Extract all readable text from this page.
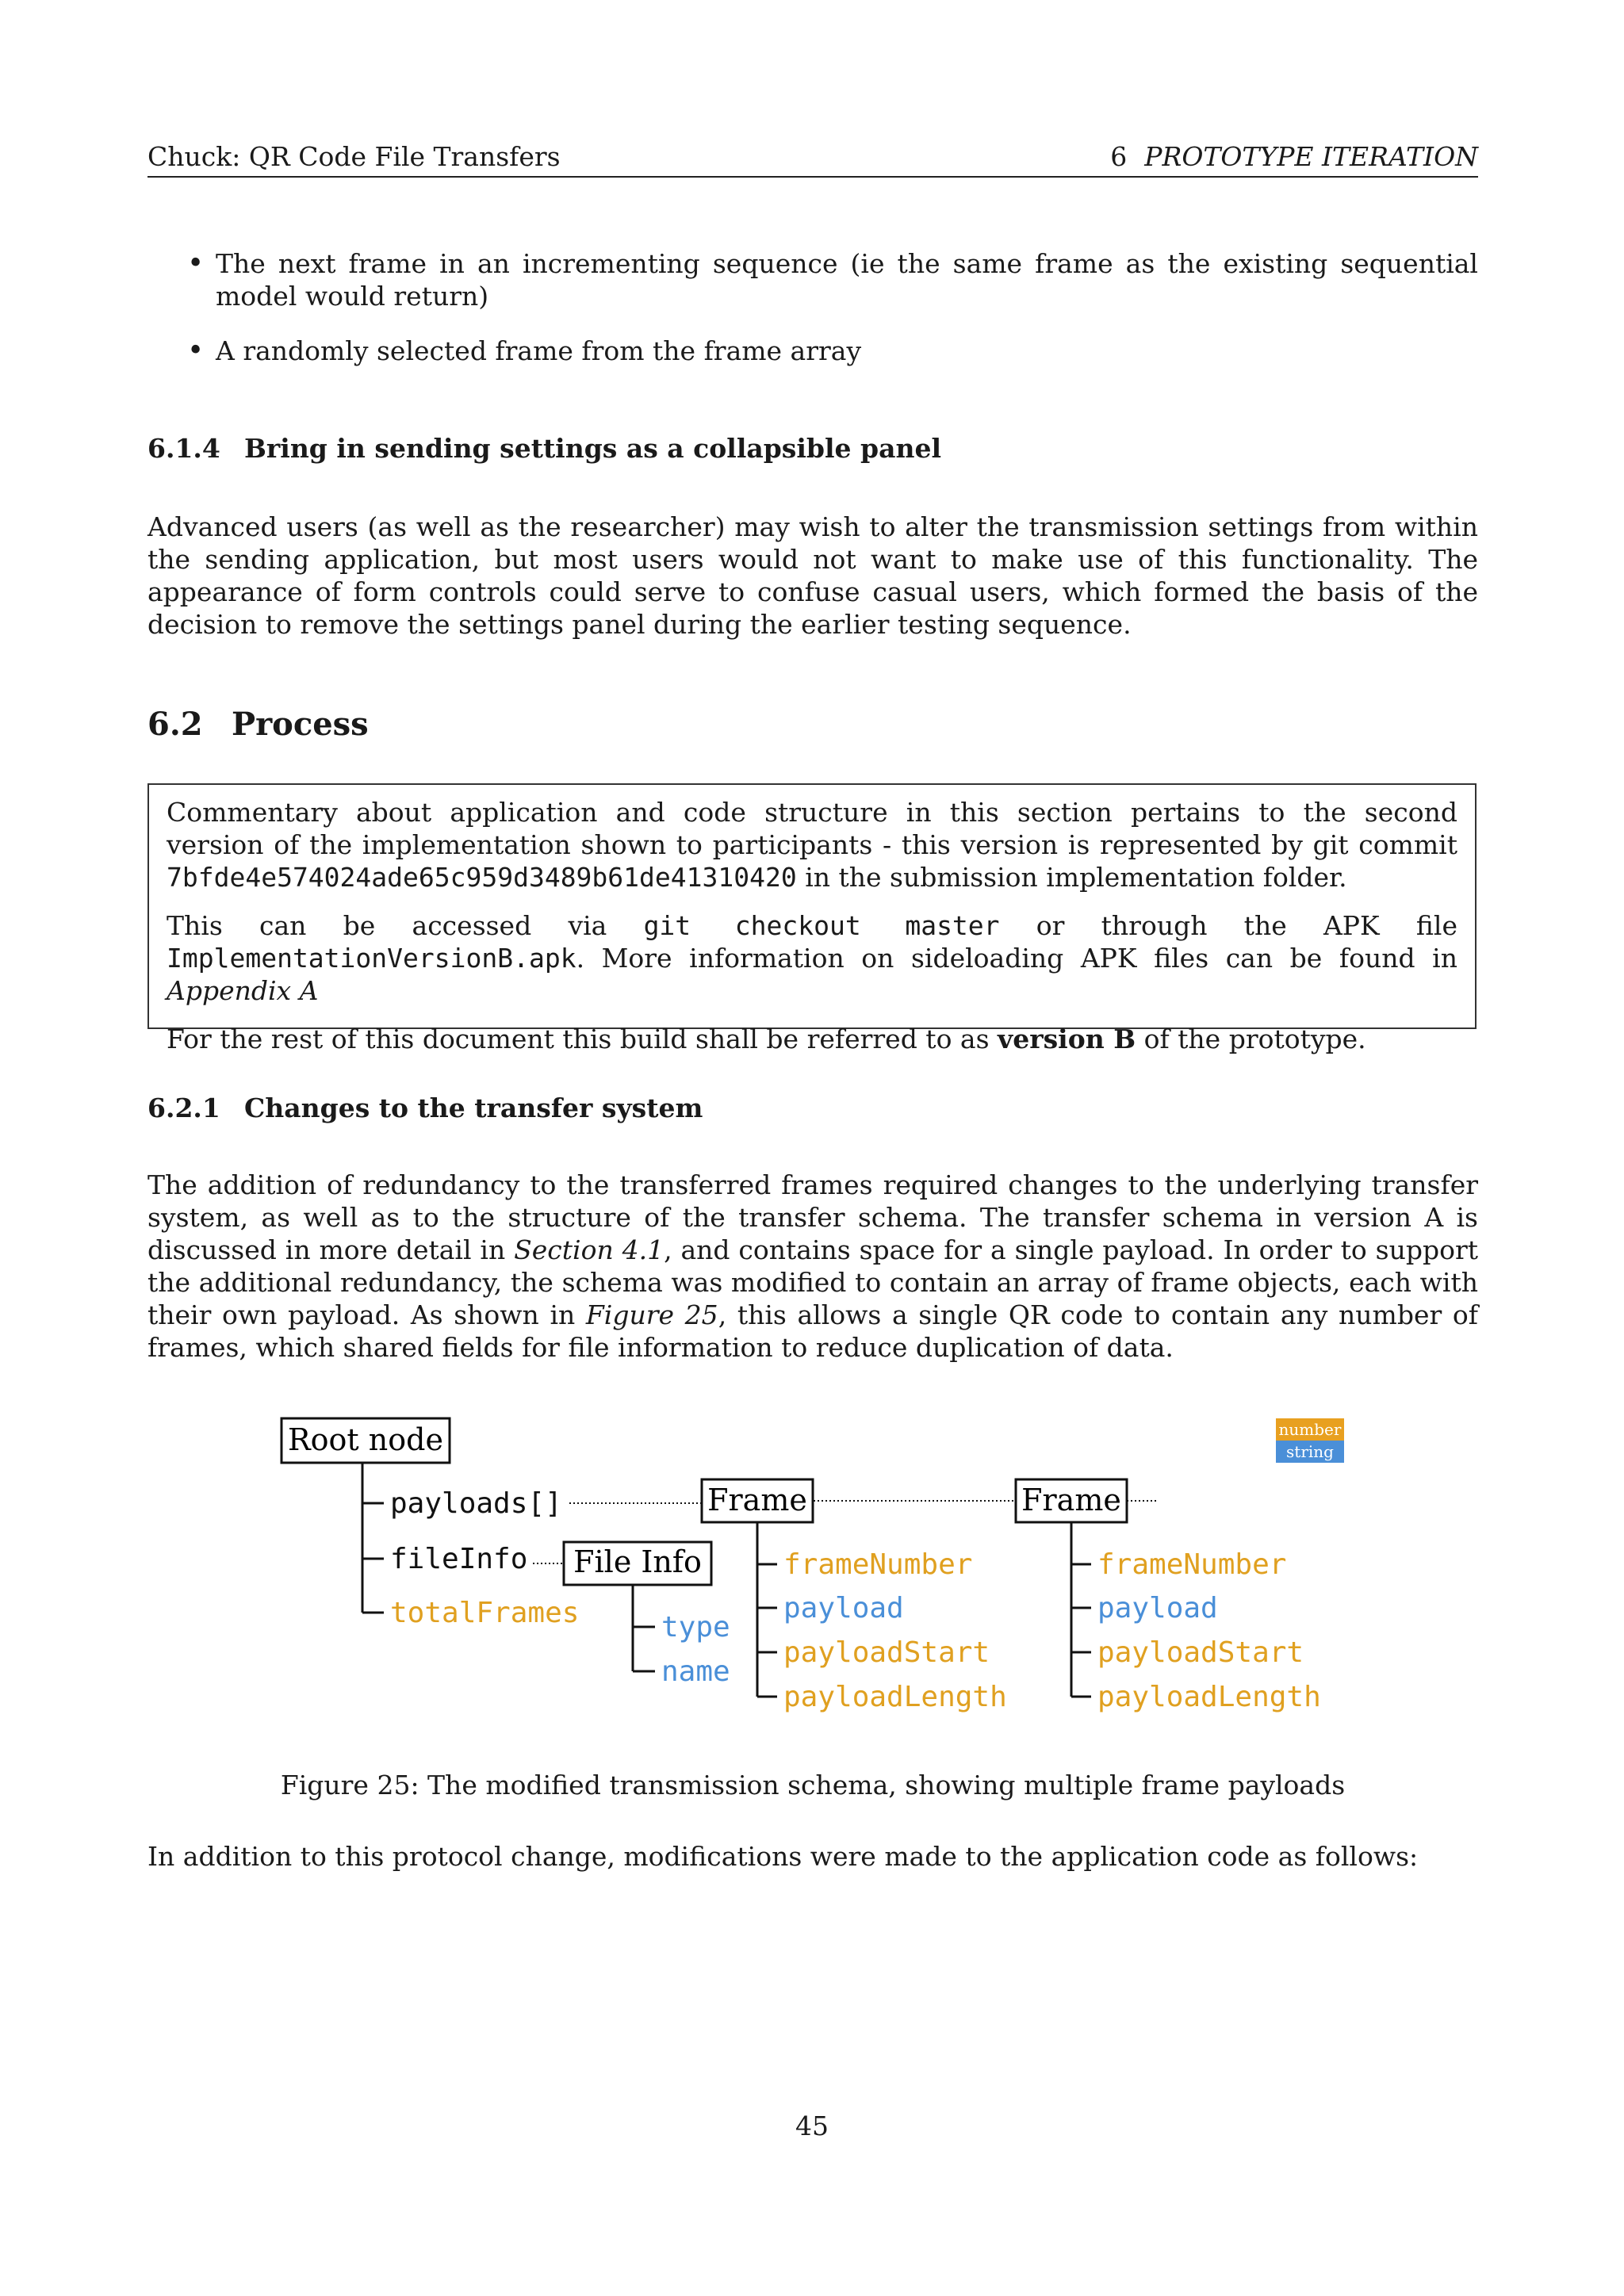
Chuck: QR Code File Transfers	6 PROTOTYPE ITERATION
• The next frame in an incrementing sequence (ie the same frame as the existing sequential model would return)
• A randomly selected frame from the frame array
6.1.4 Bring in sending settings as a collapsible panel
Advanced users (as well as the researcher) may wish to alter the transmission settings from within the sending application, but most users would not want to make use of this functionality. The appearance of form controls could serve to confuse casual users, which formed the basis of the decision to remove the settings panel during the earlier testing sequence.
6.2 Process

Commentary about application and code structure in this section pertains to the second
version of the implementation shown to participants - this version is represented by git commit
7bfde4e574024ade65c959d3489b61de41310420 in the submission implementation folder.

This can be accessed via git checkout master or through the APK file ImplementationVersionB.apk. More information on sideloading APK files can be found in Appendix A

For the rest of this document this build shall be referred to as version B of the prototype.

6.2.1 Changes to the transfer system
The addition of redundancy to the transferred frames required changes to the underlying transfer system, as well as to the structure of the transfer schema. The transfer schema in version A is discussed in more detail in Section 4.1, and contains space for a single payload. In order to support the additional redundancy, the schema was modified to contain an array of frame objects, each with their own payload. As shown in Figure 25, this allows a single QR code to contain any number of frames, which shared fields for file information to reduce duplication of data.
Root node
payloads[]
fileInfo
totalFrames
File Info
type
name
Frame
frameNumber
payload
payloadStart
payloadLength
Frame
frameNumber
payload
payloadStart
payloadLength
number
string
Figure 25: The modified transmission schema, showing multiple frame payloads
In addition to this protocol change, modifications were made to the application code as follows:
45
